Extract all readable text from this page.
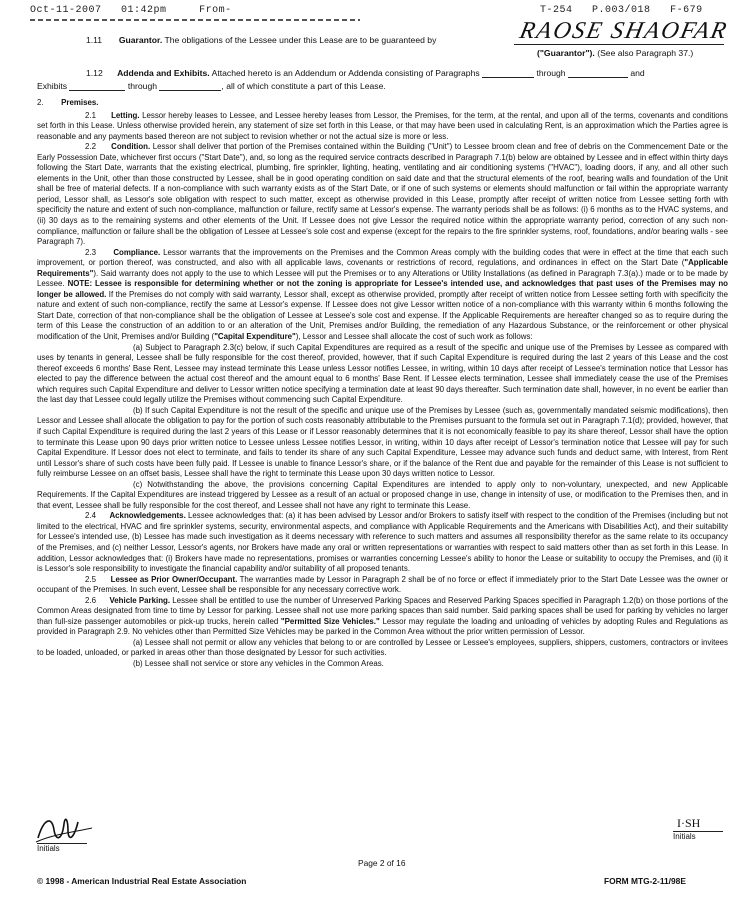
Oct-11-2007 01:42pm	From-	T-254 P.003/018 F-679
1.11 Guarantor. The obligations of the Lessee under this Lease are to be guaranteed by	RAOSE SHAOFAR
("Guarantor"). (See also Paragraph 37.)
1.12 Addenda and Exhibits. Attached hereto is an Addendum or Addenda consisting of Paragraphs	through	and
Exhibits	through	, all of which constitute a part of this Lease.

2. Premises.

2.1 Letting. Lessor hereby leases to Lessee, and Lessee hereby leases from Lessor, the Premises, for the term, at the rental, and upon all of the terms, covenants and conditions set forth in this Lease. Unless otherwise provided herein, any statement of size set forth in this Lease, or that may have been used in calculating Rent, is an approximation which the Parties agree is reasonable and any payments based thereon are not subject to revision whether or not the actual size is more or less.

2.2 Condition. Lessor shall deliver that portion of the Premises contained within the Building ("Unit") to Lessee broom clean and free of debris on the Commencement Date or the Early Possession Date, whichever first occurs ("Start Date"), and, so long as the required service contracts described in Paragraph 7.1(b) below are obtained by Lessee and in effect within thirty days following the Start Date, warrants that the existing electrical, plumbing, fire sprinkler, lighting, heating, ventilating and air conditioning systems ("HVAC"), loading doors, if any, and all other such elements in the Unit, other than those constructed by Lessee, shall be in good operating condition on said date and that the structural elements of the roof, bearing walls and foundation of the Unit shall be free of material defects. If a non-compliance with such warranty exists as of the Start Date, or if one of such systems or elements should malfunction or fail within the appropriate warranty period, Lessor shall, as Lessor's sole obligation with respect to such matter, except as otherwise provided in this Lease, promptly after receipt of written notice from Lessee setting forth with specificity the nature and extent of such non-compliance, malfunction or failure, rectify same at Lessor's expense. The warranty periods shall be as follows: (i) 6 months as to the HVAC systems, and (ii) 30 days as to the remaining systems and other elements of the Unit. If Lessee does not give Lessor the required notice within the appropriate warranty period, correction of any such non-compliance, malfunction or failure shall be the obligation of Lessee at Lessee's sole cost and expense (except for the repairs to the fire sprinkler systems, roof, foundations, and/or bearing walls - see Paragraph 7).

2.3 Compliance. Lessor warrants that the improvements on the Premises and the Common Areas comply with the building codes that were in effect at the time that each such improvement, or portion thereof, was constructed, and also with all applicable laws, covenants or restrictions of record, regulations, and ordinances in effect on the Start Date ("Applicable Requirements"). Said warranty does not apply to the use to which Lessee will put the Premises or to any Alterations or Utility Installations (as defined in Paragraph 7.3(a).) made or to be made by Lessee. NOTE: Lessee is responsible for determining whether or not the zoning is appropriate for Lessee's intended use, and acknowledges that past uses of the Premises may no longer be allowed. If the Premises do not comply with said warranty, Lessor shall, except as otherwise provided, promptly after receipt of written notice from Lessee setting forth with specificity the nature and extent of such non-compliance, rectify the same at Lessor's expense. If Lessee does not give Lessor written notice of a non-compliance with this warranty within 6 months following the Start Date, correction of that non-compliance shall be the obligation of Lessee at Lessee's sole cost and expense. If the Applicable Requirements are hereafter changed so as to require during the term of this Lease the construction of an addition to or an alteration of the Unit, Premises and/or Building, the remediation of any Hazardous Substance, or the reinforcement or other physical modification of the Unit, Premises and/or Building ("Capital Expenditure"), Lessor and Lessee shall allocate the cost of such work as follows:

(a) Subject to Paragraph 2.3(c) below, if such Capital Expenditures are required as a result of the specific and unique use of the Premises by Lessee as compared with uses by tenants in general, Lessee shall be fully responsible for the cost thereof, provided, however, that if such Capital Expenditure is required during the last 2 years of this Lease and the cost thereof exceeds 6 months' Base Rent, Lessee may instead terminate this Lease unless Lessor notifies Lessee, in writing, within 10 days after receipt of Lessee's termination notice that Lessor has elected to pay the difference between the actual cost thereof and the amount equal to 6 months' Base Rent. If Lessee elects termination, Lessee shall immediately cease the use of the Premises which requires such Capital Expenditure and deliver to Lessor written notice specifying a termination date at least 90 days thereafter. Such termination date shall, however, in no event be earlier than the last day that Lessee could legally utilize the Premises without commencing such Capital Expenditure.

(b) If such Capital Expenditure is not the result of the specific and unique use of the Premises by Lessee (such as, governmentally mandated seismic modifications), then Lessor and Lessee shall allocate the obligation to pay for the portion of such costs reasonably attributable to the Premises pursuant to the formula set out in Paragraph 7.1(d); provided, however, that if such Capital Expenditure is required during the last 2 years of this Lease or if Lessor reasonably determines that it is not economically feasible to pay its share thereof, Lessor shall have the option to terminate this Lease upon 90 days prior written notice to Lessee unless Lessee notifies Lessor, in writing, within 10 days after receipt of Lessor's termination notice that Lessee will pay for such Capital Expenditure. If Lessor does not elect to terminate, and fails to tender its share of any such Capital Expenditure, Lessee may advance such funds and deduct same, with Interest, from Rent until Lessor's share of such costs have been fully paid. If Lessee is unable to finance Lessor's share, or if the balance of the Rent due and payable for the remainder of this Lease is not sufficient to fully reimburse Lessee on an offset basis, Lessee shall have the right to terminate this Lease upon 30 days written notice to Lessor.

(c) Notwithstanding the above, the provisions concerning Capital Expenditures are intended to apply only to non-voluntary, unexpected, and new Applicable Requirements. If the Capital Expenditures are instead triggered by Lessee as a result of an actual or proposed change in use, change in intensity of use, or modification to the Premises then, and in that event, Lessee shall be fully responsible for the cost thereof, and Lessee shall not have any right to terminate this Lease.

2.4 Acknowledgements. Lessee acknowledges that: (a) it has been advised by Lessor and/or Brokers to satisfy itself with respect to the condition of the Premises (including but not limited to the electrical, HVAC and fire sprinkler systems, security, environmental aspects, and compliance with Applicable Requirements and the Americans with Disabilities Act), and their suitability for Lessee's intended use, (b) Lessee has made such investigation as it deems necessary with reference to such matters and assumes all responsibility therefor as the same relate to its occupancy of the Premises, and (c) neither Lessor, Lessor's agents, nor Brokers have made any oral or written representations or warranties with respect to said matters other than as set forth in this Lease. In addition, Lessor acknowledges that: (i) Brokers have made no representations, promises or warranties concerning Lessee's ability to honor the Lease or suitability to occupy the Premises, and (ii) it is Lessor's sole responsibility to investigate the financial capability and/or suitability of all proposed tenants.

2.5 Lessee as Prior Owner/Occupant. The warranties made by Lessor in Paragraph 2 shall be of no force or effect if immediately prior to the Start Date Lessee was the owner or occupant of the Premises. In such event, Lessee shall be responsible for any necessary corrective work.

2.6 Vehicle Parking. Lessee shall be entitled to use the number of Unreserved Parking Spaces and Reserved Parking Spaces specified in Paragraph 1.2(b) on those portions of the Common Areas designated from time to time by Lessor for parking. Lessee shall not use more parking spaces than said number. Said parking spaces shall be used for parking by vehicles no larger than full-size passenger automobiles or pick-up trucks, herein called "Permitted Size Vehicles." Lessor may regulate the loading and unloading of vehicles by adopting Rules and Regulations as provided in Paragraph 2.9. No vehicles other than Permitted Size Vehicles may be parked in the Common Area without the prior written permission of Lessor.

(a) Lessee shall not permit or allow any vehicles that belong to or are controlled by Lessee or Lessee's employees, suppliers, shippers, customers, contractors or invitees to be loaded, unloaded, or parked in areas other than those designated by Lessor for such activities.

(b) Lessee shall not service or store any vehicles in the Common Areas.

Initials
I·SH
Initials
Page 2 of 16
© 1998 - American Industrial Real Estate Association	FORM MTG-2-11/98E
